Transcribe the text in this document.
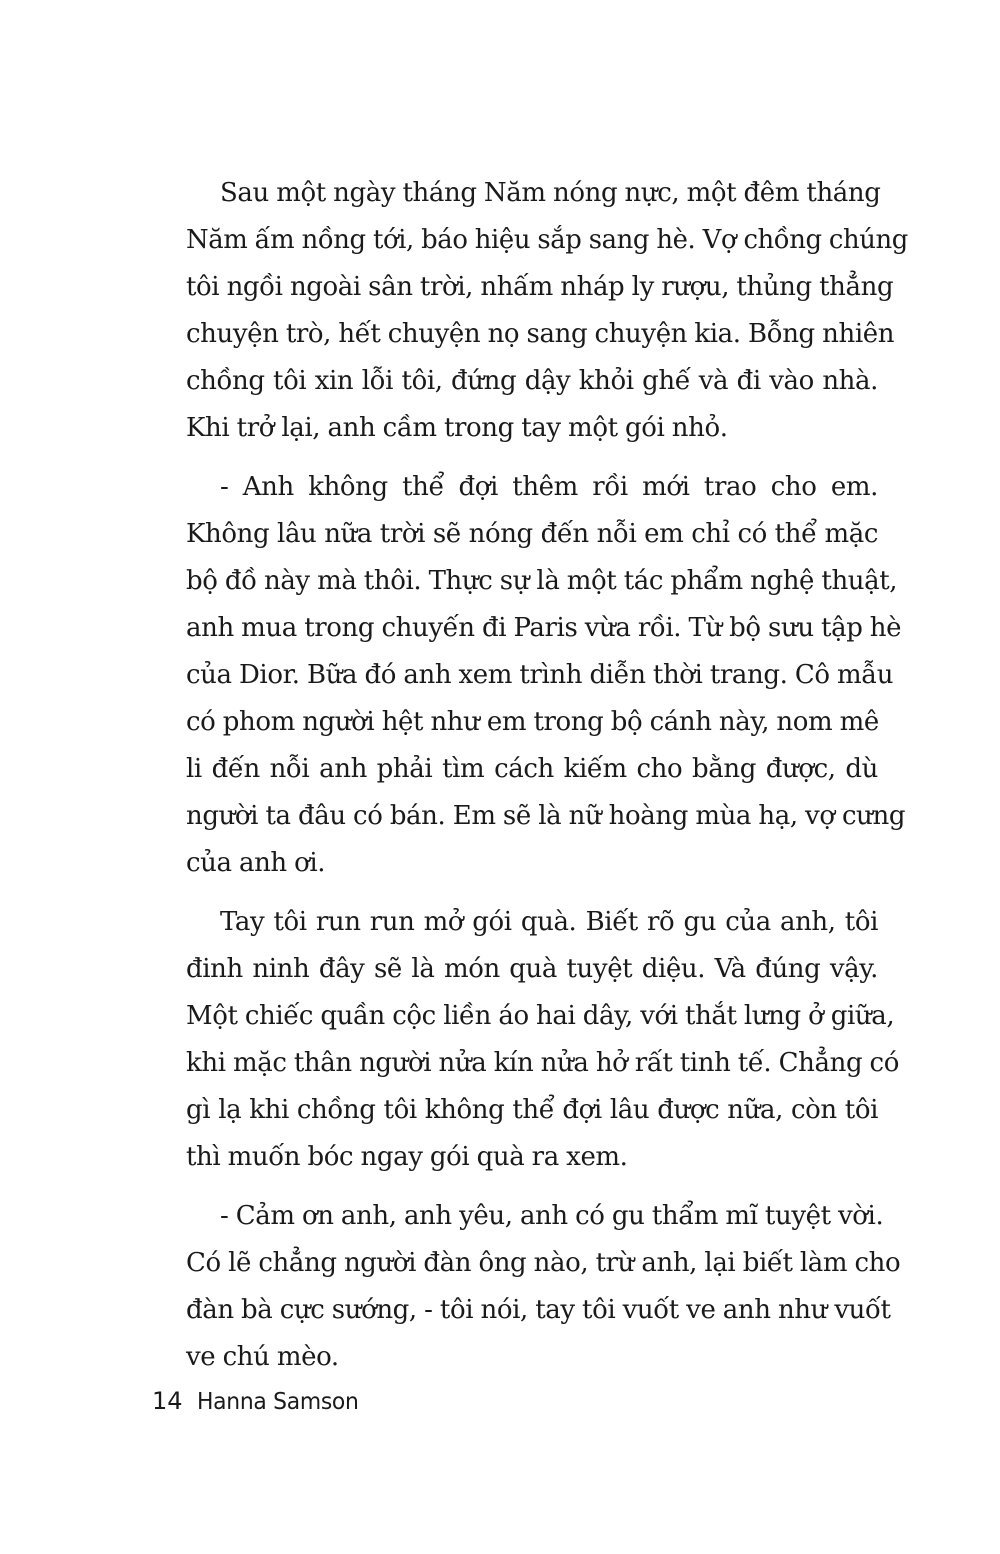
Sau một ngày tháng Năm nóng nực, một đêm tháng
Năm ấm nồng tới, báo hiệu sắp sang hè. Vợ chồng chúng
tôi ngồi ngoài sân trời, nhấm nháp ly rượu, thủng thẳng
chuyện trò, hết chuyện nọ sang chuyện kia. Bỗng nhiên
chồng tôi xin lỗi tôi, đứng dậy khỏi ghế và đi vào nhà.
Khi trở lại, anh cầm trong tay một gói nhỏ.
- Anh không thể đợi thêm rồi mới trao cho em.
Không lâu nữa trời sẽ nóng đến nỗi em chỉ có thể mặc
bộ đồ này mà thôi. Thực sự là một tác phẩm nghệ thuật,
anh mua trong chuyến đi Paris vừa rồi. Từ bộ sưu tập hè
của Dior. Bữa đó anh xem trình diễn thời trang. Cô mẫu
có phom người hệt như em trong bộ cánh này, nom mê
li đến nỗi anh phải tìm cách kiếm cho bằng được, dù
người ta đâu có bán. Em sẽ là nữ hoàng mùa hạ, vợ cưng
của anh ơi.
Tay tôi run run mở gói quà. Biết rõ gu của anh, tôi
đinh ninh đây sẽ là món quà tuyệt diệu. Và đúng vậy.
Một chiếc quần cộc liền áo hai dây, với thắt lưng ở giữa,
khi mặc thân người nửa kín nửa hở rất tinh tế. Chẳng có
gì lạ khi chồng tôi không thể đợi lâu được nữa, còn tôi
thì muốn bóc ngay gói quà ra xem.
- Cảm ơn anh, anh yêu, anh có gu thẩm mĩ tuyệt vời.
Có lẽ chẳng người đàn ông nào, trừ anh, lại biết làm cho
đàn bà cực sướng, - tôi nói, tay tôi vuốt ve anh như vuốt
ve chú mèo.
14 Hanna Samson
